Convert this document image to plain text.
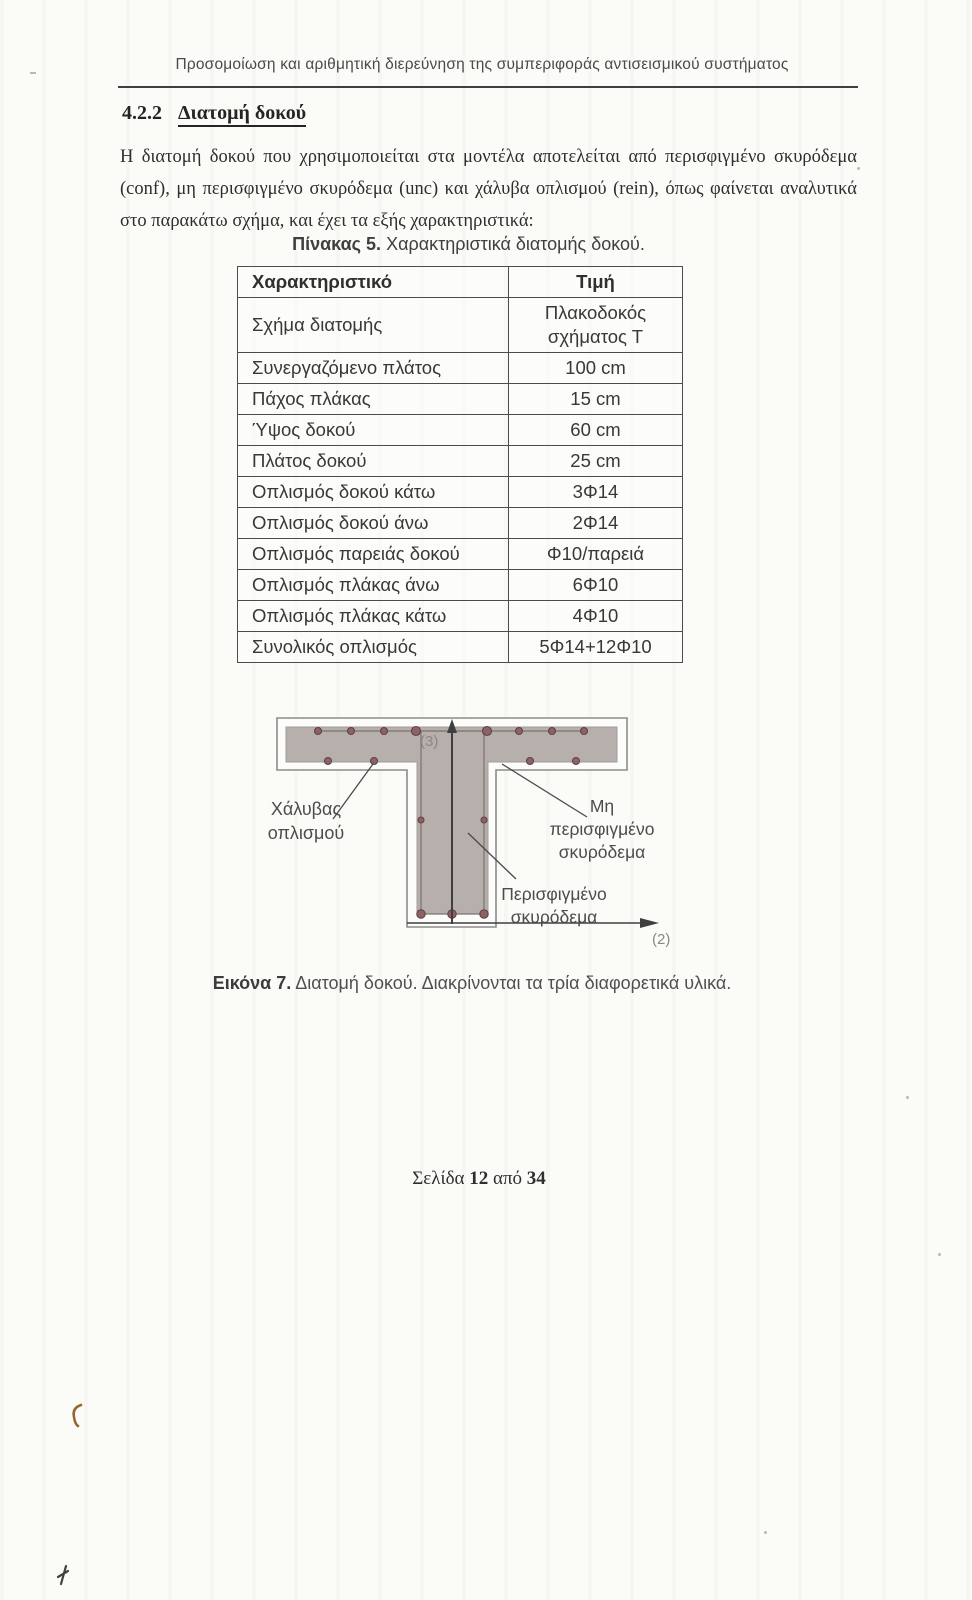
Προσομοίωση και αριθμητική διερεύνηση της συμπεριφοράς αντισεισμικού συστήματος
4.2.2 Διατομή δοκού
Η διατομή δοκού που χρησιμοποιείται στα μοντέλα αποτελείται από περισφιγμένο σκυρόδεμα (conf), μη περισφιγμένο σκυρόδεμα (unc) και χάλυβα οπλισμού (rein), όπως φαίνεται αναλυτικά στο παρακάτω σχήμα, και έχει τα εξής χαρακτηριστικά:
Πίνακας 5. Χαρακτηριστικά διατομής δοκού.
Χαρακτηριστικό	Τιμή
Σχήμα διατομής	Πλακοδοκός σχήματος Τ
Συνεργαζόμενο πλάτος	100 cm
Πάχος πλάκας	15 cm
Ύψος δοκού	60 cm
Πλάτος δοκού	25 cm
Οπλισμός δοκού κάτω	3Φ14
Οπλισμός δοκού άνω	2Φ14
Οπλισμός παρειάς δοκού	Φ10/παρειά
Οπλισμός πλάκας άνω	6Φ10
Οπλισμός πλάκας κάτω	4Φ10
Συνολικός οπλισμός	5Φ14+12Φ10
Χάλυβας οπλισμού
Μη περισφιγμένο σκυρόδεμα
Περισφιγμένο σκυρόδεμα
(3)
(2)
Εικόνα 7. Διατομή δοκού. Διακρίνονται τα τρία διαφορετικά υλικά.
Σελίδα 12 από 34
